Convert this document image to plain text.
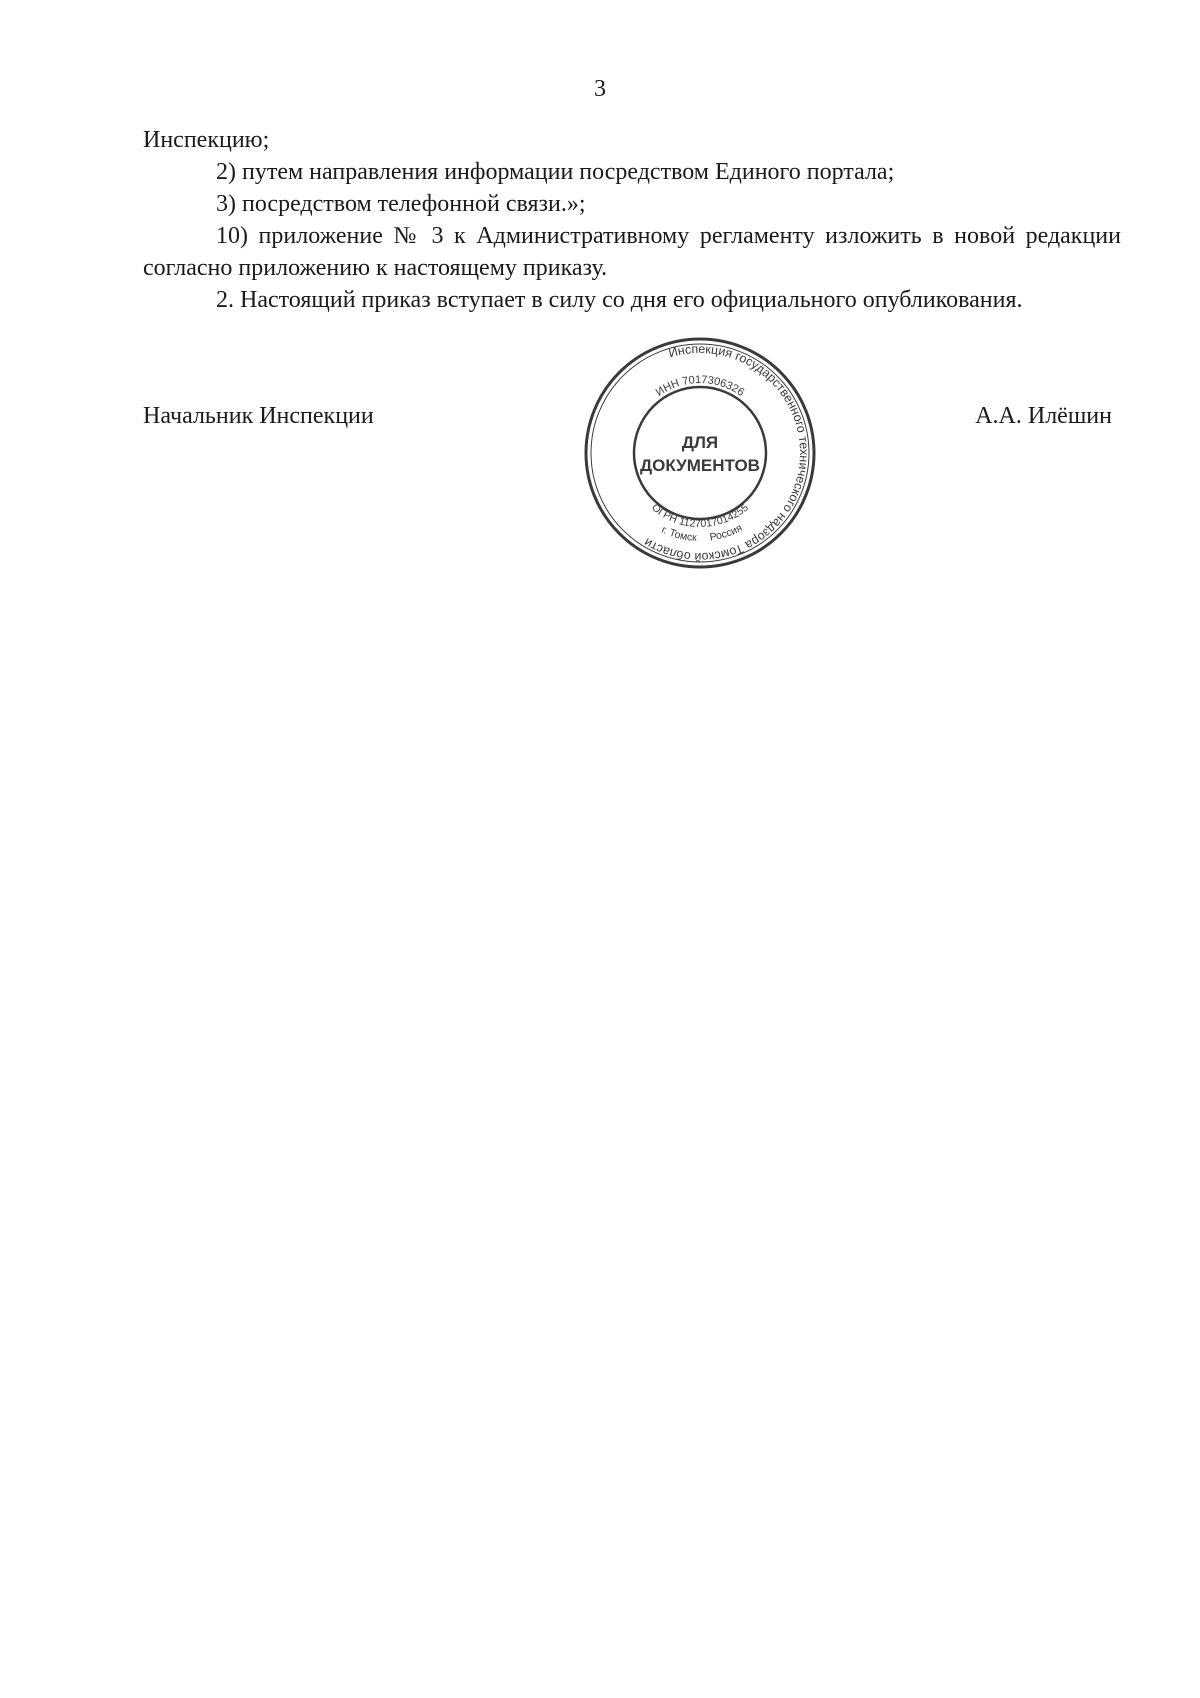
3

Инспекцию;

2) путем направления информации посредством Единого портала;

3) посредством телефонной связи.»;

10) приложение № 3 к Административному регламенту изложить в новой редакции согласно приложению к настоящему приказу.

2. Настоящий приказ вступает в силу со дня его официального опубликования.

Начальник Инспекции	А.А. Илёшин
Инспекция государственного технического надзора Томской области
ИНН 7017306326
ДЛЯ
ДОКУМЕНТОВ
ОГРН 1127017014255
г. Томск Россия
